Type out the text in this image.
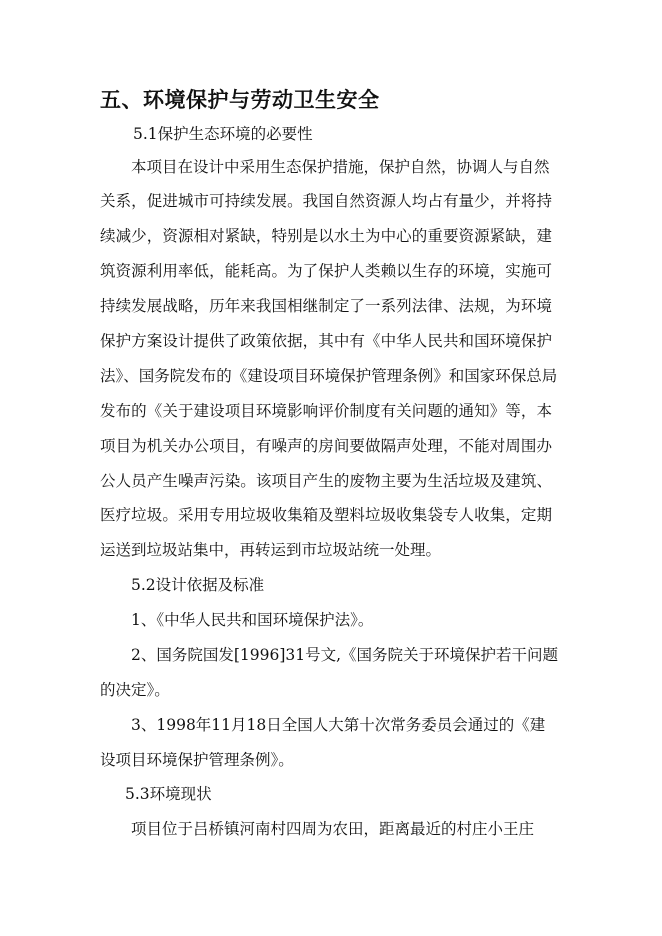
五、环境保护与劳动卫生安全
5.1保护生态环境的必要性
本项目在设计中采用生态保护措施，保护自然，协调人与自然
关系，促进城市可持续发展。我国自然资源人均占有量少，并将持
续减少，资源相对紧缺，特别是以水土为中心的重要资源紧缺，建
筑资源利用率低，能耗高。为了保护人类赖以生存的环境，实施可
持续发展战略，历年来我国相继制定了一系列法律、法规，为环境
保护方案设计提供了政策依据，其中有《中华人民共和国环境保护
法》、国务院发布的《建设项目环境保护管理条例》和国家环保总局
发布的《关于建设项目环境影响评价制度有关问题的通知》等，本
项目为机关办公项目，有噪声的房间要做隔声处理，不能对周围办
公人员产生噪声污染。该项目产生的废物主要为生活垃圾及建筑、
医疗垃圾。采用专用垃圾收集箱及塑料垃圾收集袋专人收集，定期
运送到垃圾站集中，再转运到市垃圾站统一处理。
5.2设计依据及标准
1、《中华人民共和国环境保护法》。
2、国务院国发[1996]31号文,《国务院关于环境保护若干问题
的决定》。
3、1998年11月18日全国人大第十次常务委员会通过的《建
设项目环境保护管理条例》。
5.3环境现状
项目位于吕桥镇河南村四周为农田，距离最近的村庄小王庄
